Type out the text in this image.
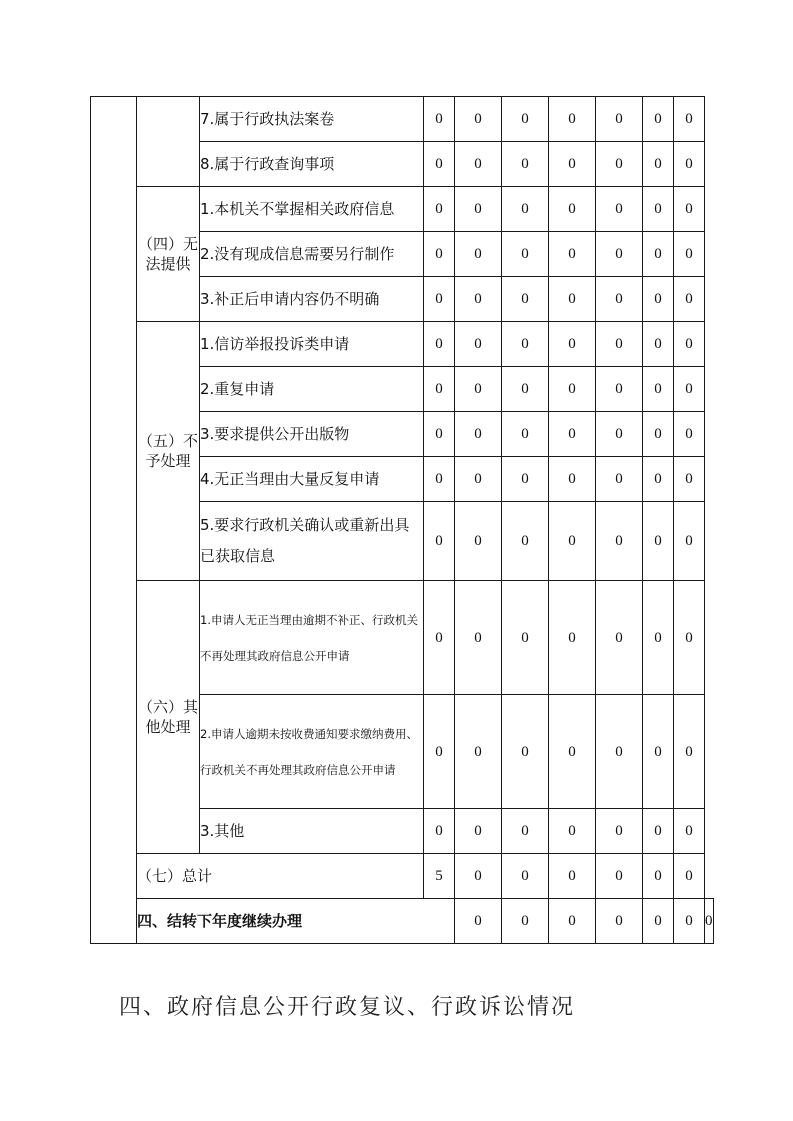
		7.属于行政执法案卷	0	0	0	0	0	0	0	
		8.属于行政查询事项	0	0	0	0	0	0	0	
	（四）无法提供	1.本机关不掌握相关政府信息	0	0	0	0	0	0	0	
		2.没有现成信息需要另行制作	0	0	0	0	0	0	0	
		3.补正后申请内容仍不明确	0	0	0	0	0	0	0	
	（五）不予处理	1.信访举报投诉类申请	0	0	0	0	0	0	0	
		2.重复申请	0	0	0	0	0	0	0	
		3.要求提供公开出版物	0	0	0	0	0	0	0	
		4.无正当理由大量反复申请	0	0	0	0	0	0	0	
		5.要求行政机关确认或重新出具已获取信息	0	0	0	0	0	0	0	
	（六）其他处理	1.申请人无正当理由逾期不补正、行政机关不再处理其政府信息公开申请	0	0	0	0	0	0	0	
		2.申请人逾期未按收费通知要求缴纳费用、行政机关不再处理其政府信息公开申请	0	0	0	0	0	0	0	
		3.其他	0	0	0	0	0	0	0	
	（七）总计		5	0	0	0	0	0	0	
	四、结转下年度继续办理			0	0	0	0	0	0	0
四、政府信息公开行政复议、行政诉讼情况
